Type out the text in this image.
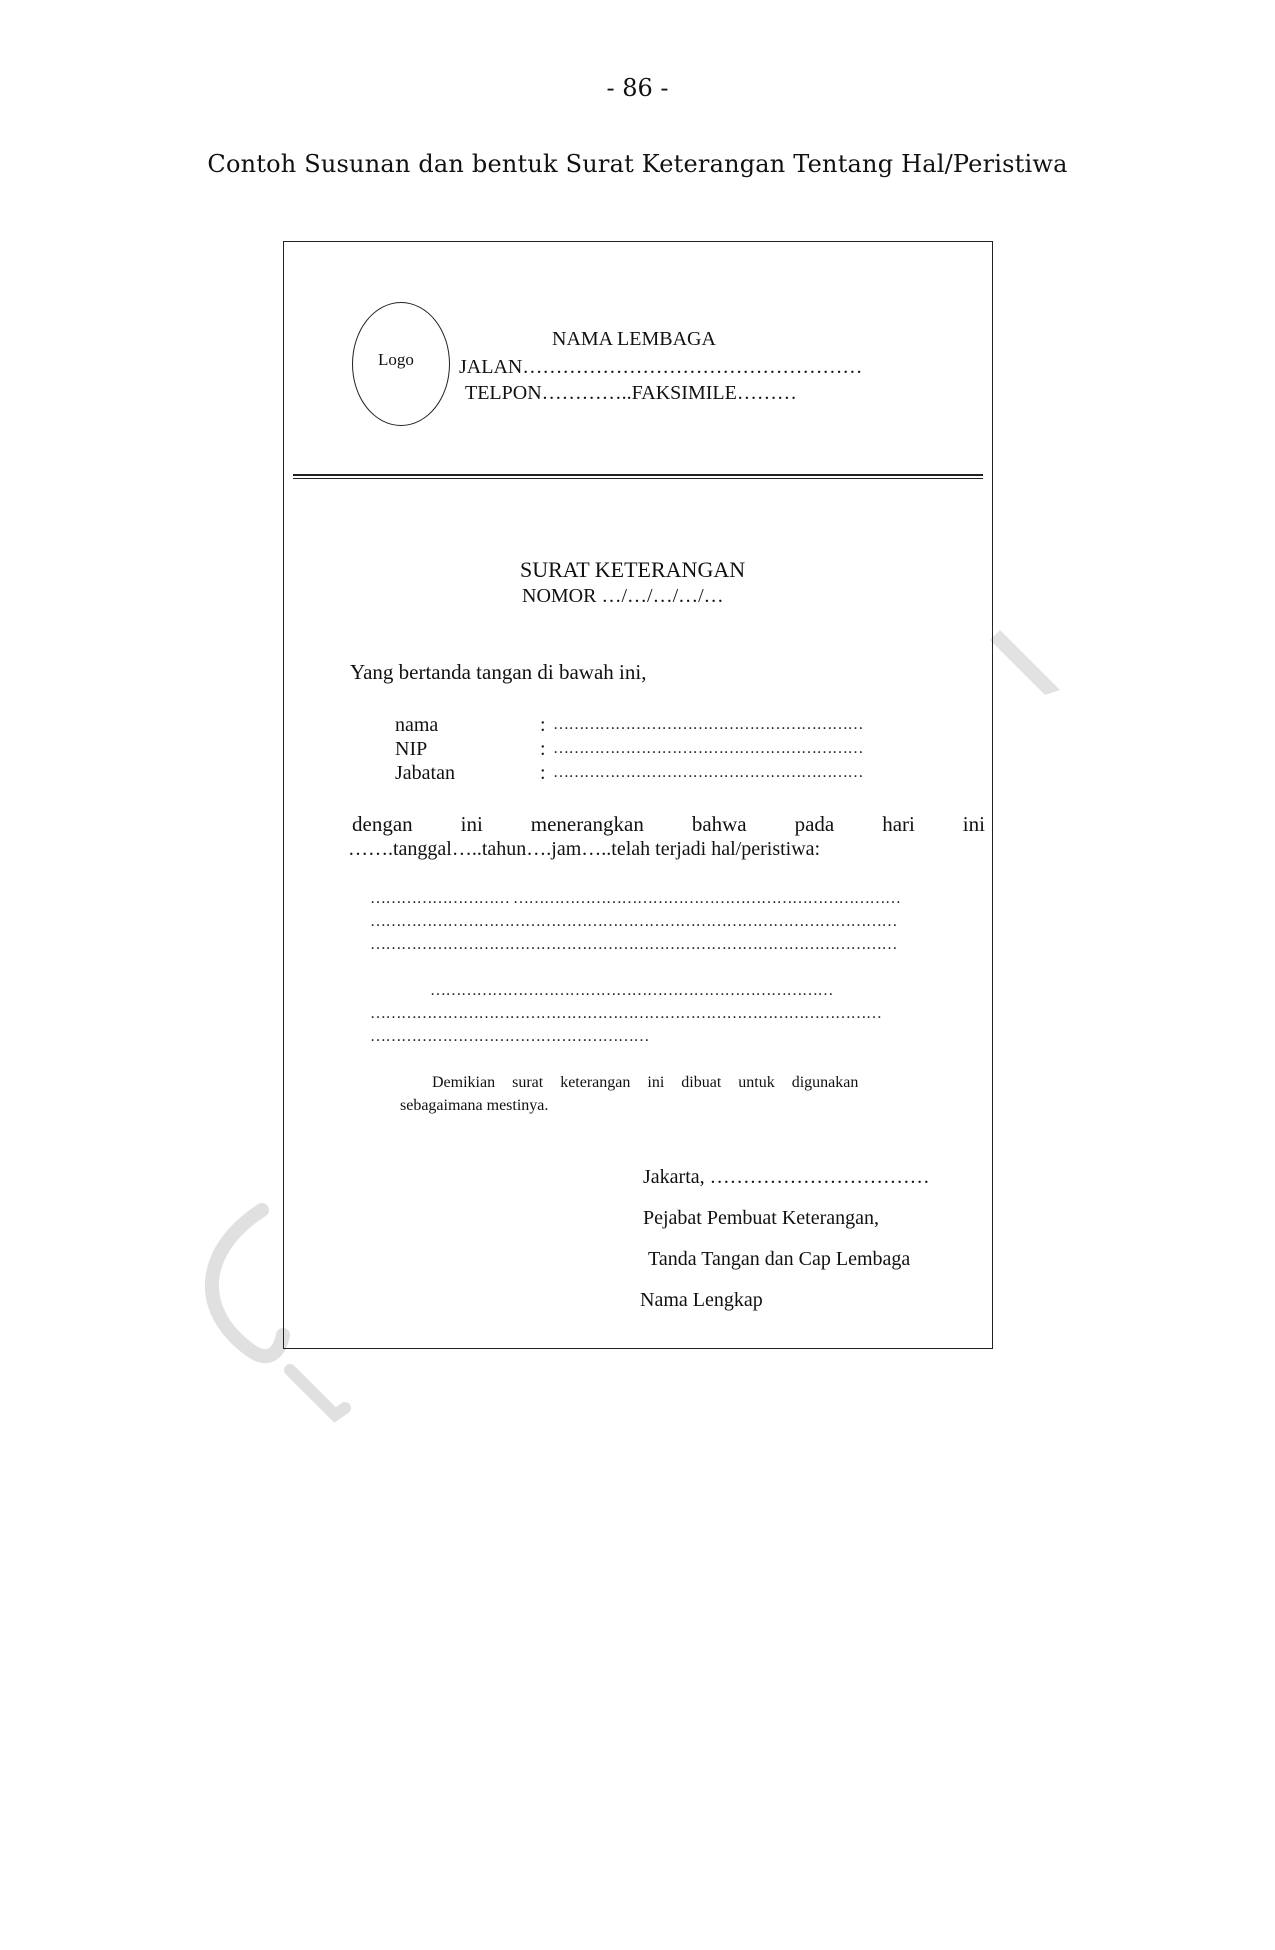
- 86 -
Contoh Susunan dan bentuk Surat Keterangan Tentang Hal/Peristiwa
Logo
NAMA LEMBAGA
JALAN……………………………………………
TELPON…………..FAKSIMILE………
SURAT KETERANGAN
NOMOR …/…/…/…/…
Yang bertanda tangan di bawah ini,
nama	: ……………………………………………………
NIP	: ……………………………………………………
Jabatan	: ……………………………………………………
dengan ini menerangkan bahwa pada hari ini
…….tanggal…..tahun….jam…..telah terjadi hal/peristiwa:
……………………… …………………………………………………………………
…………………………………………………………………………………………
…………………………………………………………………………………………
……………………………………………………………………
………………………………………………………………………………………
………………………………………………
Demikian surat keterangan ini dibuat untuk digunakan
sebagaimana mestinya.
Jakarta, ……………………………
Pejabat Pembuat Keterangan,
Tanda Tangan dan Cap Lembaga
Nama Lengkap
